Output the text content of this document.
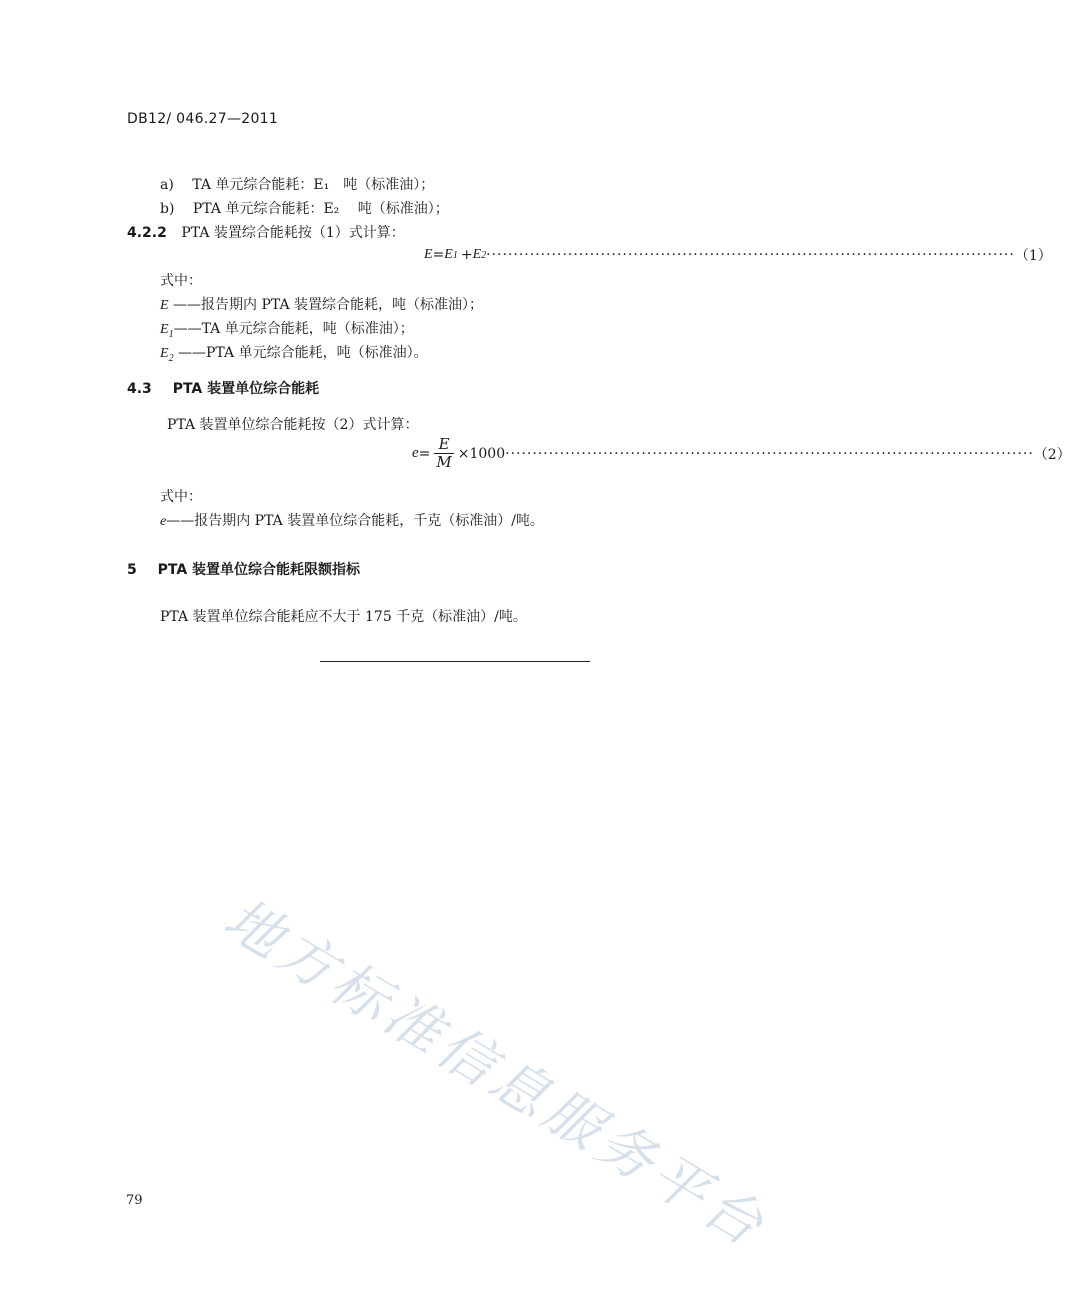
DB12/ 046.27—2011
a) TA 单元综合能耗：E₁　吨（标准油）；
b) PTA 单元综合能耗：E₂　 吨（标准油）；
4.2.2 PTA 装置综合能耗按（1）式计算：
E = E 1 + E 2 ································································································· （1）
式中：
E ——报告期内 PTA 装置综合能耗，吨（标准油）；
$E_1——TA$ 单元综合能耗，吨（标准油）；
$E_2$ ——PTA 单元综合能耗，吨（标准油）。
4.3 PTA 装置单位综合能耗
PTA 装置单位综合能耗按（2）式计算：
$e = \frac{E}{M} \times 1000$ ································································································· （2）
式中：
e——报告期内 PTA 装置单位综合能耗，千克（标准油）/吨。
5 PTA 装置单位综合能耗限额指标
PTA 装置单位综合能耗应不大于 175 千克（标准油）/吨。
地方标准信息服务平台
79
